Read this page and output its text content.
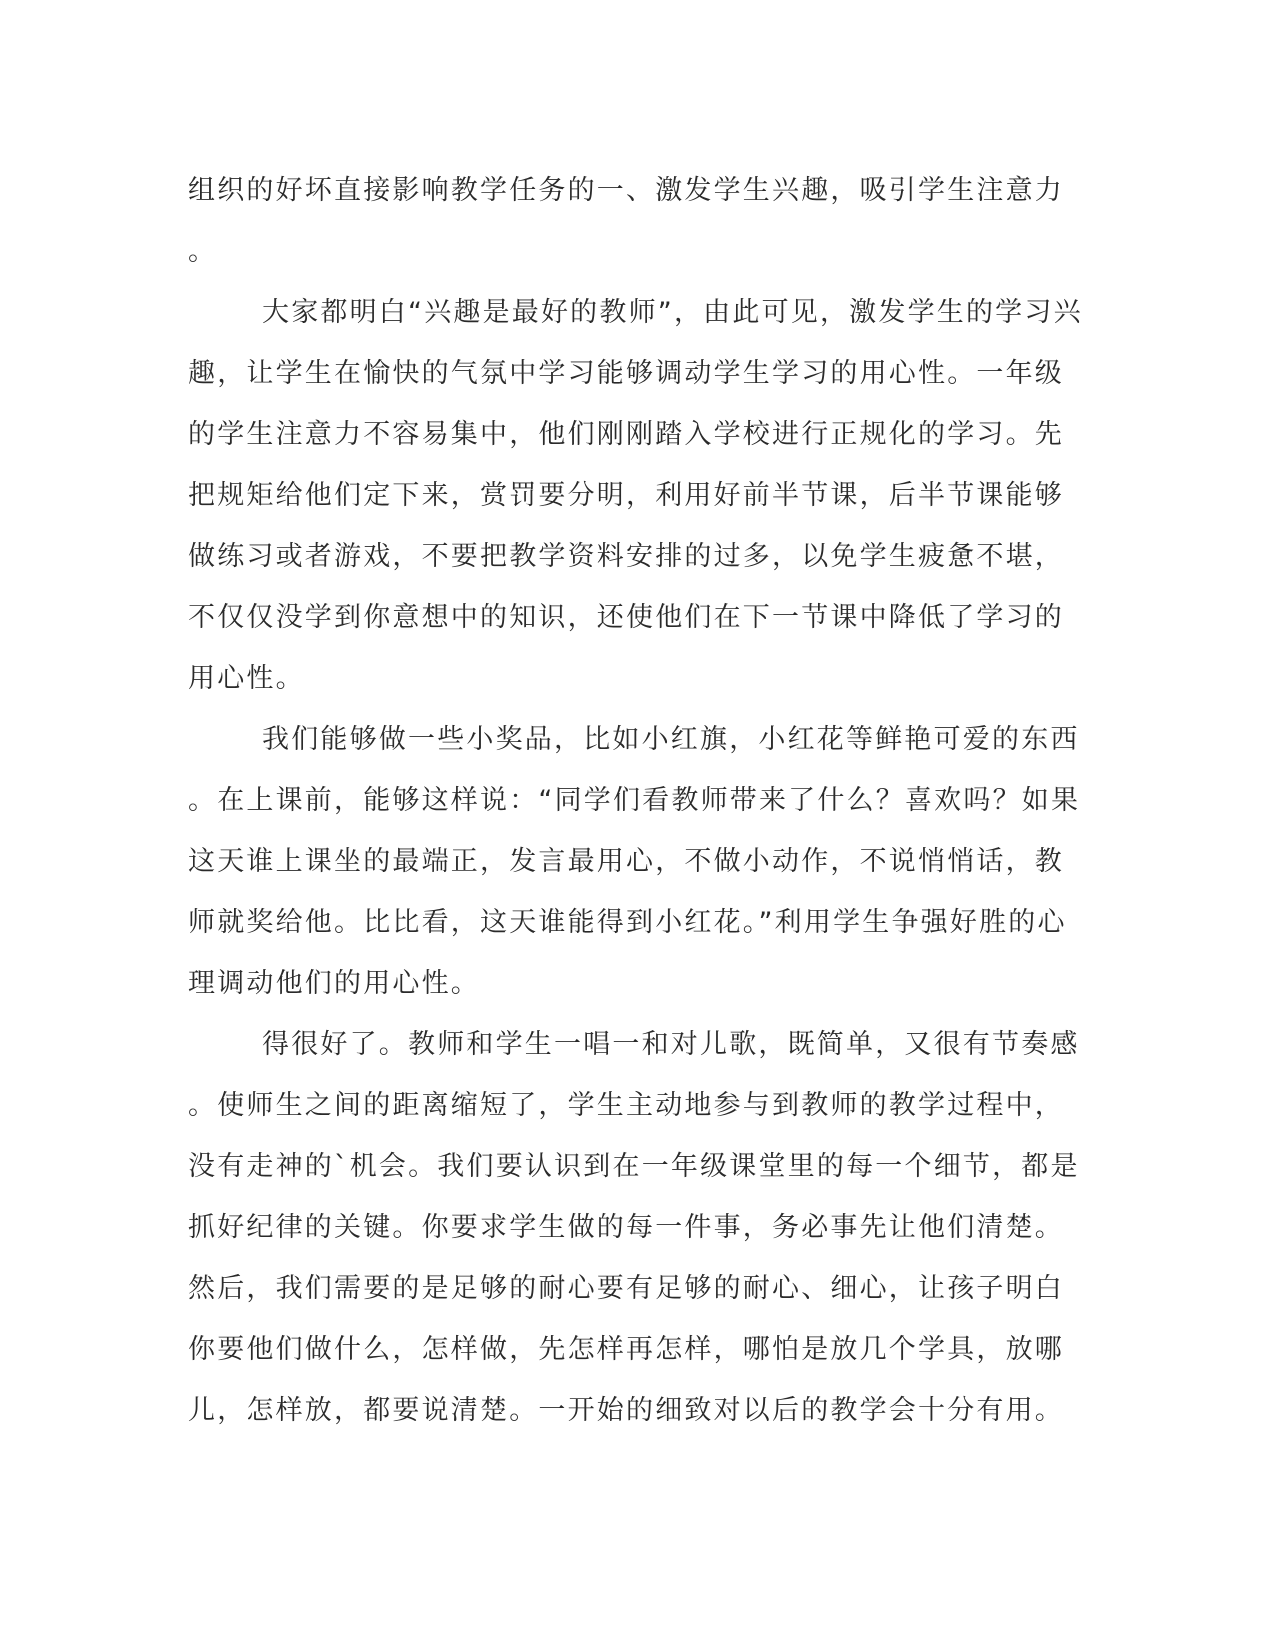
组织的好坏直接影响教学任务的一、激发学生兴趣，吸引学生注意力
。
大家都明白“兴趣是最好的教师”，由此可见，激发学生的学习兴
趣，让学生在愉快的气氛中学习能够调动学生学习的用心性。一年级
的学生注意力不容易集中，他们刚刚踏入学校进行正规化的学习。先
把规矩给他们定下来，赏罚要分明，利用好前半节课，后半节课能够
做练习或者游戏，不要把教学资料安排的过多，以免学生疲惫不堪，
不仅仅没学到你意想中的知识，还使他们在下一节课中降低了学习的
用心性。
我们能够做一些小奖品，比如小红旗，小红花等鲜艳可爱的东西
。在上课前，能够这样说：“同学们看教师带来了什么？喜欢吗？如果
这天谁上课坐的最端正，发言最用心，不做小动作，不说悄悄话，教
师就奖给他。比比看，这天谁能得到小红花。”利用学生争强好胜的心
理调动他们的用心性。
得很好了。教师和学生一唱一和对儿歌，既简单，又很有节奏感
。使师生之间的距离缩短了，学生主动地参与到教师的教学过程中，
没有走神的`机会。我们要认识到在一年级课堂里的每一个细节，都是
抓好纪律的关键。你要求学生做的每一件事，务必事先让他们清楚。
然后，我们需要的是足够的耐心要有足够的耐心、细心，让孩子明白
你要他们做什么，怎样做，先怎样再怎样，哪怕是放几个学具，放哪
儿，怎样放，都要说清楚。一开始的细致对以后的教学会十分有用。
